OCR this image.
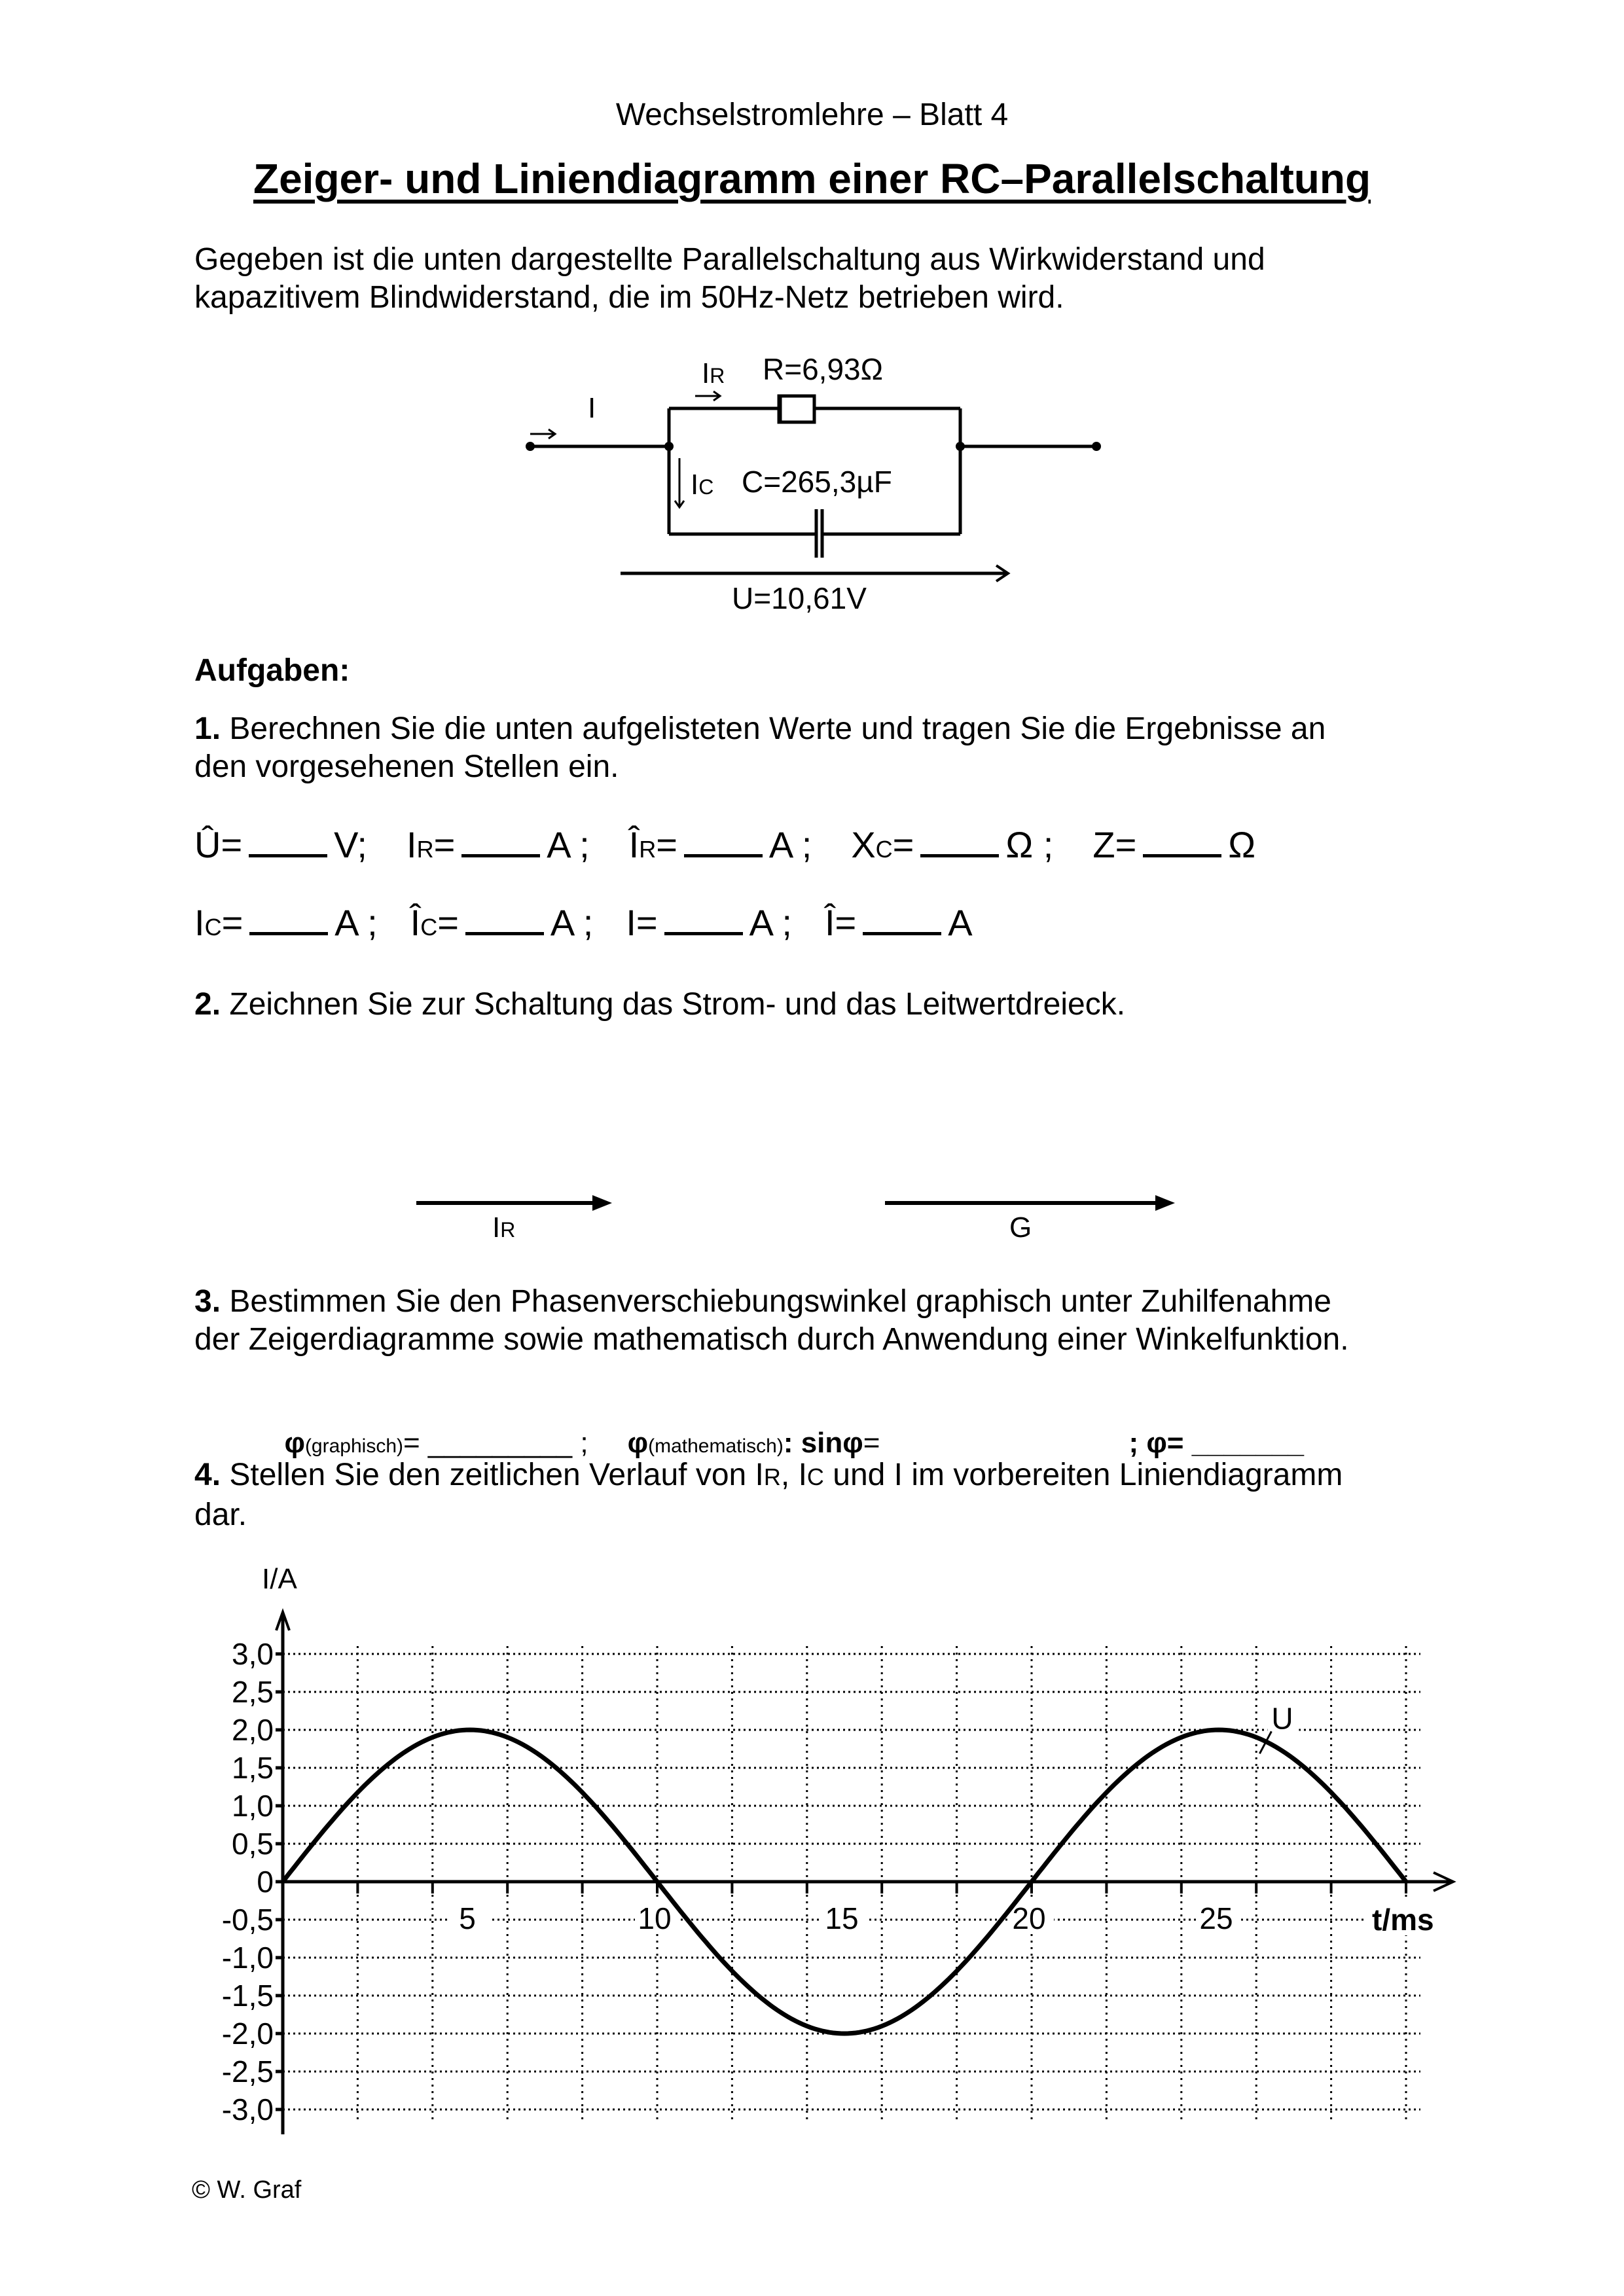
Wechselstromlehre – Blatt 4
Zeiger- und Liniendiagramm einer RC–Parallelschaltung
Gegeben ist die unten dargestellte Parallelschaltung aus Wirkwiderstand und
kapazitivem Blindwiderstand, die im 50Hz-Netz betrieben wird.
I
IR R=6,93Ω
IC C=265,3µF
U=10,61V
Aufgaben:
1. Berechnen Sie die unten aufgelisteten Werte und tragen Sie die Ergebnisse an
den vorgesehenen Stellen ein.
Û=	V; IR=	A ; ÎR=	A ; XC=	Ω ; Z=	Ω
IC=	A ; ÎC=	A ; I=	A ; Î=	A
2. Zeichnen Sie zur Schaltung das Strom- und das Leitwertdreieck.
IR	G
3. Bestimmen Sie den Phasenverschiebungswinkel graphisch unter Zuhilfenahme
der Zeigerdiagramme sowie mathematisch durch Anwendung einer Winkelfunktion.

φ(graphisch)= _________ ; φ(mathematisch): sinφ=	; φ= _______

4. Stellen Sie den zeitlichen Verlauf von IR, IC und I im vorbereiten Liniendiagramm
dar.
3,0
2,5
2,0
1,5
1,0
0,5
0
-0,5
-1,0
-1,5
-2,0
-2,5
-3,0
5	10	15	20	25	t/ms
I/A
U
© W. Graf
